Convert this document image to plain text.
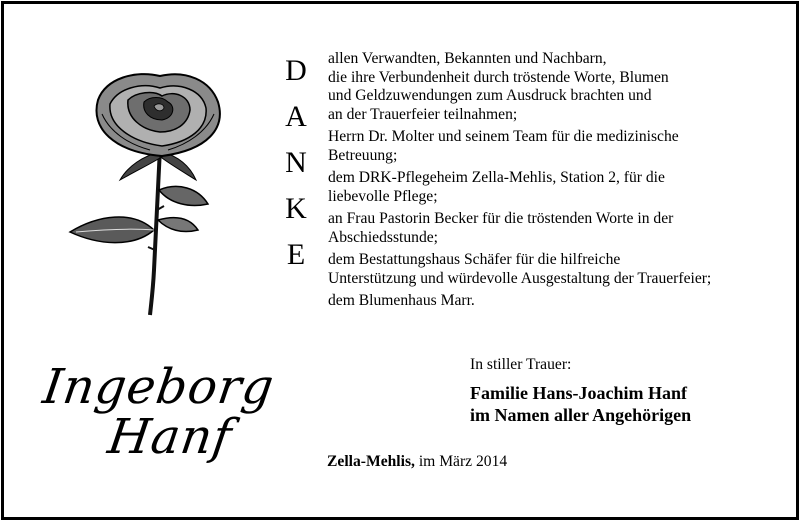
D
A
N
K
E

allen Verwandten, Bekannten und Nachbarn,
die ihre Verbundenheit durch tröstende Worte, Blumen
und Geldzuwendungen zum Ausdruck brachten und
an der Trauerfeier teilnahmen;

Herrn Dr. Molter und seinem Team für die medizinische
Betreuung;

dem DRK-Pflegeheim Zella-Mehlis, Station 2, für die
liebevolle Pflege;

an Frau Pastorin Becker für die tröstenden Worte in der
Abschiedsstunde;

dem Bestattungshaus Schäfer für die hilfreiche
Unterstützung und würdevolle Ausgestaltung der Trauerfeier;

dem Blumenhaus Marr.

Ingeborg
Hanf
In stiller Trauer:
Familie Hans-Joachim Hanf
im Namen aller Angehörigen
Zella-Mehlis, im März 2014
